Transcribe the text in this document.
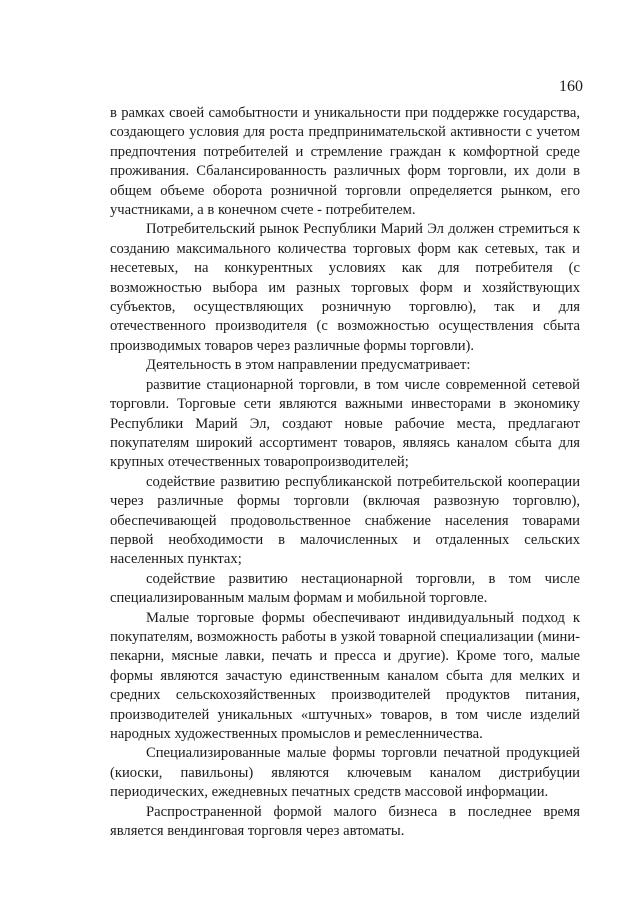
160

в рамках своей самобытности и уникальности при поддержке государства, создающего условия для роста предпринимательской активности с учетом предпочтения потребителей и стремление граждан к комфортной среде проживания. Сбалансированность различных форм торговли, их доли в общем объеме оборота розничной торговли определяется рынком, его участниками, а в конечном счете - потребителем.

Потребительский рынок Республики Марий Эл должен стремиться к созданию максимального количества торговых форм как сетевых, так и несетевых, на конкурентных условиях как для потребителя (с возможностью выбора им разных торговых форм и хозяйствующих субъектов, осуществляющих розничную торговлю), так и для отечественного производителя (с возможностью осуществления сбыта производимых товаров через различные формы торговли).

Деятельность в этом направлении предусматривает:

развитие стационарной торговли, в том числе современной сетевой торговли. Торговые сети являются важными инвесторами в экономику Республики Марий Эл, создают новые рабочие места, предлагают покупателям широкий ассортимент товаров, являясь каналом сбыта для крупных отечественных товаропроизводителей;

содействие развитию республиканской потребительской кооперации через различные формы торговли (включая развозную торговлю), обеспечивающей продовольственное снабжение населения товарами первой необходимости в малочисленных и отдаленных сельских населенных пунктах;

содействие развитию нестационарной торговли, в том числе специализированным малым формам и мобильной торговле.

Малые торговые формы обеспечивают индивидуальный подход к покупателям, возможность работы в узкой товарной специализации (мини-пекарни, мясные лавки, печать и пресса и другие). Кроме того, малые формы являются зачастую единственным каналом сбыта для мелких и средних сельскохозяйственных производителей продуктов питания, производителей уникальных «штучных» товаров, в том числе изделий народных художественных промыслов и ремесленничества.

Специализированные малые формы торговли печатной продукцией (киоски, павильоны) являются ключевым каналом дистрибуции периодических, ежедневных печатных средств массовой информации.

Распространенной формой малого бизнеса в последнее время является вендинговая торговля через автоматы.
